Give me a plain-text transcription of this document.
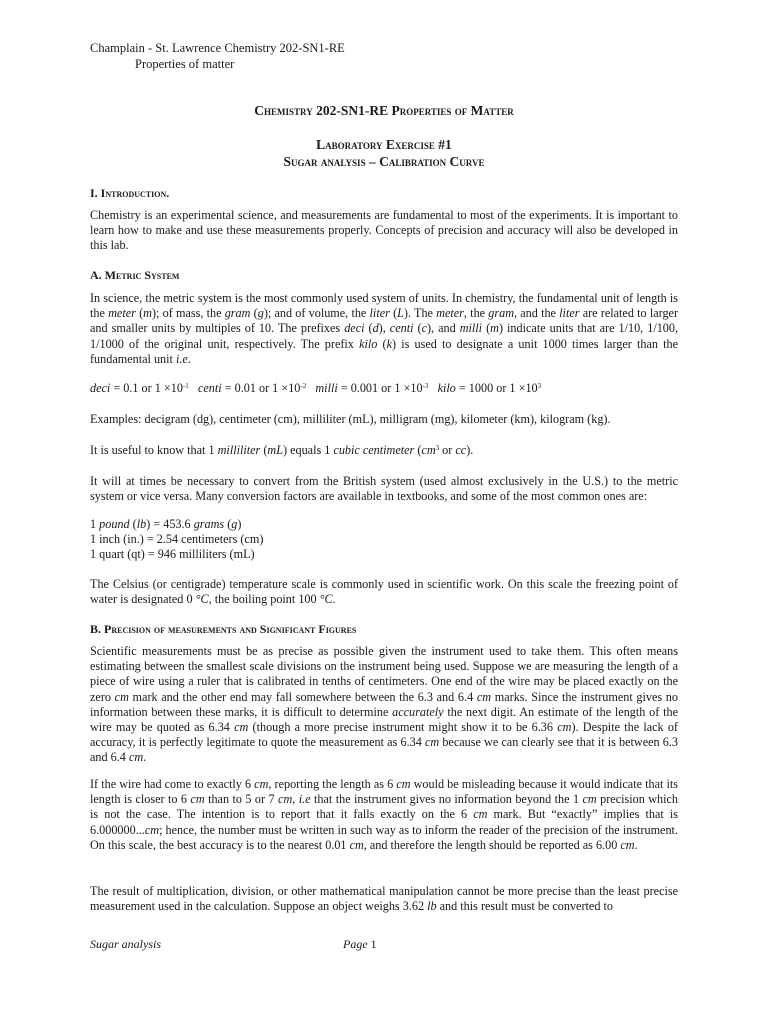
Champlain - St. Lawrence Chemistry 202-SN1-RE
Properties of matter
Chemistry 202-SN1-RE Properties of Matter
Laboratory Exercise #1
Sugar analysis – Calibration Curve
I. Introduction.
Chemistry is an experimental science, and measurements are fundamental to most of the experiments. It is important to learn how to make and use these measurements properly. Concepts of precision and accuracy will also be developed in this lab.
A. Metric System
In science, the metric system is the most commonly used system of units. In chemistry, the fundamental unit of length is the meter (m); of mass, the gram (g); and of volume, the liter (L). The meter, the gram, and the liter are related to larger and smaller units by multiples of 10. The prefixes deci (d), centi (c), and milli (m) indicate units that are 1/10, 1/100, 1/1000 of the original unit, respectively. The prefix kilo (k) is used to designate a unit 1000 times larger than the fundamental unit i.e.
deci = 0.1 or $1 \times 10^{-1}$ centi = 0.01 or $1 \times 10^{-2}$ milli = 0.001 or $1 \times 10^{-3}$ kilo = 1000 or $1 \times 10^3$
Examples: decigram (dg), centimeter (cm), milliliter (mL), milligram (mg), kilometer (km), kilogram (kg).
It is useful to know that 1 milliliter (mL) equals 1 cubic centimeter ($cm^3$ or cc).
It will at times be necessary to convert from the British system (used almost exclusively in the U.S.) to the metric system or vice versa. Many conversion factors are available in textbooks, and some of the most common ones are:
1 pound (lb) = 453.6 grams (g)
1 inch (in.) = 2.54 centimeters (cm)
1 quart (qt) = 946 milliliters (mL)
The Celsius (or centigrade) temperature scale is commonly used in scientific work. On this scale the freezing point of water is designated 0 °C, the boiling point 100 °C.
B. Precision of measurements and Significant Figures
Scientific measurements must be as precise as possible given the instrument used to take them. This often means estimating between the smallest scale divisions on the instrument being used. Suppose we are measuring the length of a piece of wire using a ruler that is calibrated in tenths of centimeters. One end of the wire may be placed exactly on the zero cm mark and the other end may fall somewhere between the 6.3 and 6.4 cm marks. Since the instrument gives no information between these marks, it is difficult to determine accurately the next digit. An estimate of the length of the wire may be quoted as 6.34 cm (though a more precise instrument might show it to be 6.36 cm). Despite the lack of accuracy, it is perfectly legitimate to quote the measurement as 6.34 cm because we can clearly see that it is between 6.3 and 6.4 cm.
If the wire had come to exactly 6 cm, reporting the length as 6 cm would be misleading because it would indicate that its length is closer to 6 cm than to 5 or 7 cm, i.e that the instrument gives no information beyond the 1 cm precision which is not the case. The intention is to report that it falls exactly on the 6 cm mark. But “exactly” implies that is 6.000000...cm; hence, the number must be written in such way as to inform the reader of the precision of the instrument. On this scale, the best accuracy is to the nearest 0.01 cm, and therefore the length should be reported as 6.00 cm.
The result of multiplication, division, or other mathematical manipulation cannot be more precise than the least precise measurement used in the calculation. Suppose an object weighs 3.62 lb and this result must be converted to
Sugar analysis	Page 1
